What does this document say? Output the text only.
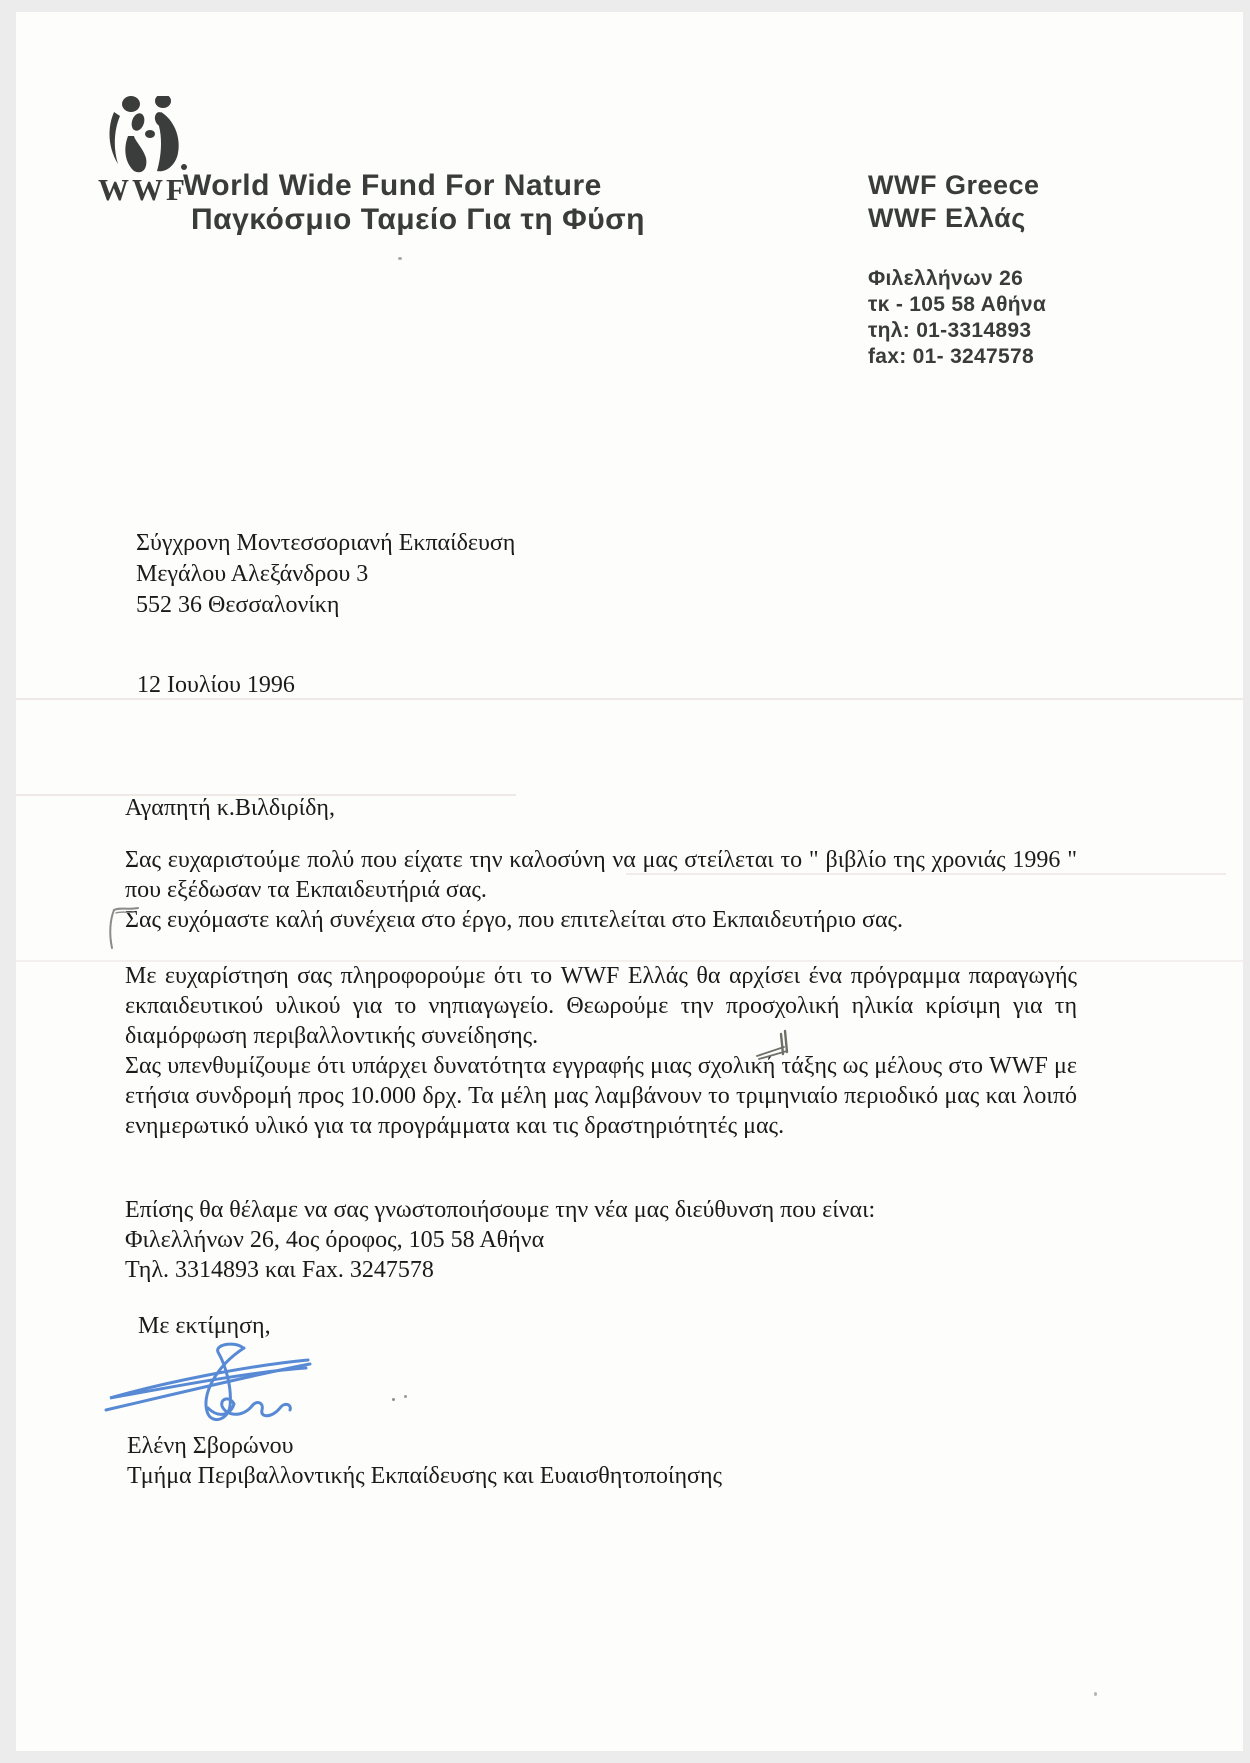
WWF
World Wide Fund For Nature
Παγκόσμιο Ταμείο Για τη Φύση
WWF Greece
WWF Ελλάς
Φιλελλήνων 26
τκ - 105 58 Αθήνα
τηλ: 01-3314893
fax: 01- 3247578
Σύγχρονη Μοντεσσοριανή Εκπαίδευση
Μεγάλου Αλεξάνδρου 3
552 36 Θεσσαλονίκη
12 Ιουλίου 1996
Αγαπητή κ.Βιλδιρίδη,
Σας ευχαριστούμε πολύ που είχατε την καλοσύνη να μας στείλεται το " βιβλίο της χρονιάς 1996 " που εξέδωσαν τα Εκπαιδευτήριά σας.
Σας ευχόμαστε καλή συνέχεια στο έργο, που επιτελείται στο Εκπαιδευτήριο σας.
Με ευχαρίστηση σας πληροφορούμε ότι το WWF Ελλάς θα αρχίσει ένα πρόγραμμα παραγωγής εκπαιδευτικού υλικού για το νηπιαγωγείο. Θεωρούμε την προσχολική ηλικία κρίσιμη για τη διαμόρφωση περιβαλλοντικής συνείδησης.
Σας υπενθυμίζουμε ότι υπάρχει δυνατότητα εγγραφής μιας σχολική τάξης ως μέλους στο WWF με ετήσια συνδρομή προς 10.000 δρχ. Τα μέλη μας λαμβάνουν το τριμηνιαίο περιοδικό μας και λοιπό ενημερωτικό υλικό για τα προγράμματα και τις δραστηριότητές μας.
Επίσης θα θέλαμε να σας γνωστοποιήσουμε την νέα μας διεύθυνση που είναι:
Φιλελλήνων 26, 4ος όροφος, 105 58 Αθήνα
Τηλ. 3314893 και Fax. 3247578
Με εκτίμηση,
Ελένη Σβορώνου
Τμήμα Περιβαλλοντικής Εκπαίδευσης και Ευαισθητοποίησης
